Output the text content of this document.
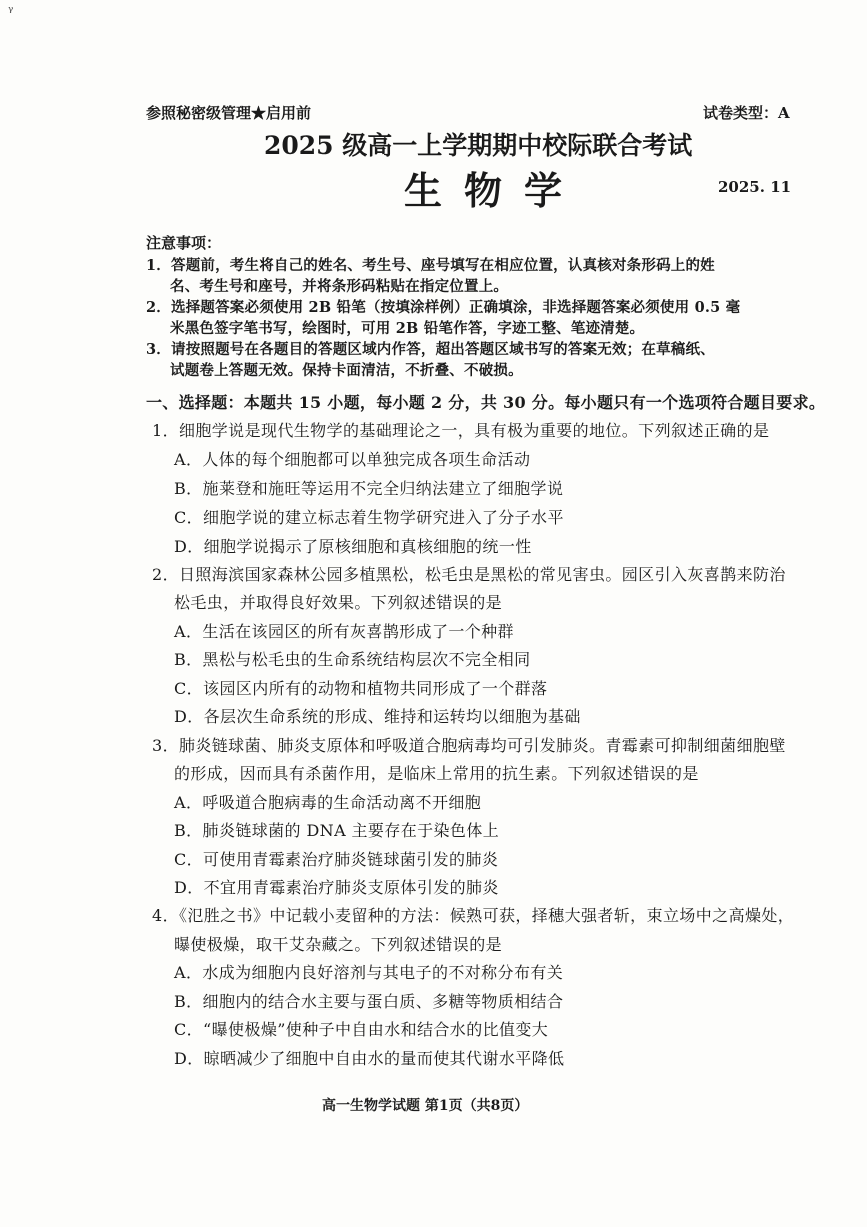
ᵞ
参照秘密级管理★启用前	试卷类型：A
2025 级高一上学期期中校际联合考试
生物学	2025. 11
注意事项：
1．答题前，考生将自己的姓名、考生号、座号填写在相应位置，认真核对条形码上的姓
名、考生号和座号，并将条形码粘贴在指定位置上。
2．选择题答案必须使用 2B 铅笔（按填涂样例）正确填涂，非选择题答案必须使用 0.5 毫
米黑色签字笔书写，绘图时，可用 2B 铅笔作答，字迹工整、笔迹清楚。
3．请按照题号在各题目的答题区域内作答，超出答题区域书写的答案无效；在草稿纸、
试题卷上答题无效。保持卡面清洁，不折叠、不破损。
一、选择题：本题共 15 小题，每小题 2 分，共 30 分。每小题只有一个选项符合题目要求。
1．细胞学说是现代生物学的基础理论之一，具有极为重要的地位。下列叙述正确的是
A．人体的每个细胞都可以单独完成各项生命活动
B．施莱登和施旺等运用不完全归纳法建立了细胞学说
C．细胞学说的建立标志着生物学研究进入了分子水平
D．细胞学说揭示了原核细胞和真核细胞的统一性
2．日照海滨国家森林公园多植黑松，松毛虫是黑松的常见害虫。园区引入灰喜鹊来防治
松毛虫，并取得良好效果。下列叙述错误的是
A．生活在该园区的所有灰喜鹊形成了一个种群
B．黑松与松毛虫的生命系统结构层次不完全相同
C．该园区内所有的动物和植物共同形成了一个群落
D．各层次生命系统的形成、维持和运转均以细胞为基础
3．肺炎链球菌、肺炎支原体和呼吸道合胞病毒均可引发肺炎。青霉素可抑制细菌细胞壁
的形成，因而具有杀菌作用，是临床上常用的抗生素。下列叙述错误的是
A．呼吸道合胞病毒的生命活动离不开细胞
B．肺炎链球菌的 DNA 主要存在于染色体上
C．可使用青霉素治疗肺炎链球菌引发的肺炎
D．不宜用青霉素治疗肺炎支原体引发的肺炎
4．《氾胜之书》中记载小麦留种的方法：候熟可获，择穗大强者斩，束立场中之高燥处，
曝使极燥，取干艾杂藏之。下列叙述错误的是
A．水成为细胞内良好溶剂与其电子的不对称分布有关
B．细胞内的结合水主要与蛋白质、多糖等物质相结合
C．“曝使极燥”使种子中自由水和结合水的比值变大
D．晾晒减少了细胞中自由水的量而使其代谢水平降低
高一生物学试题 第1页（共8页）
